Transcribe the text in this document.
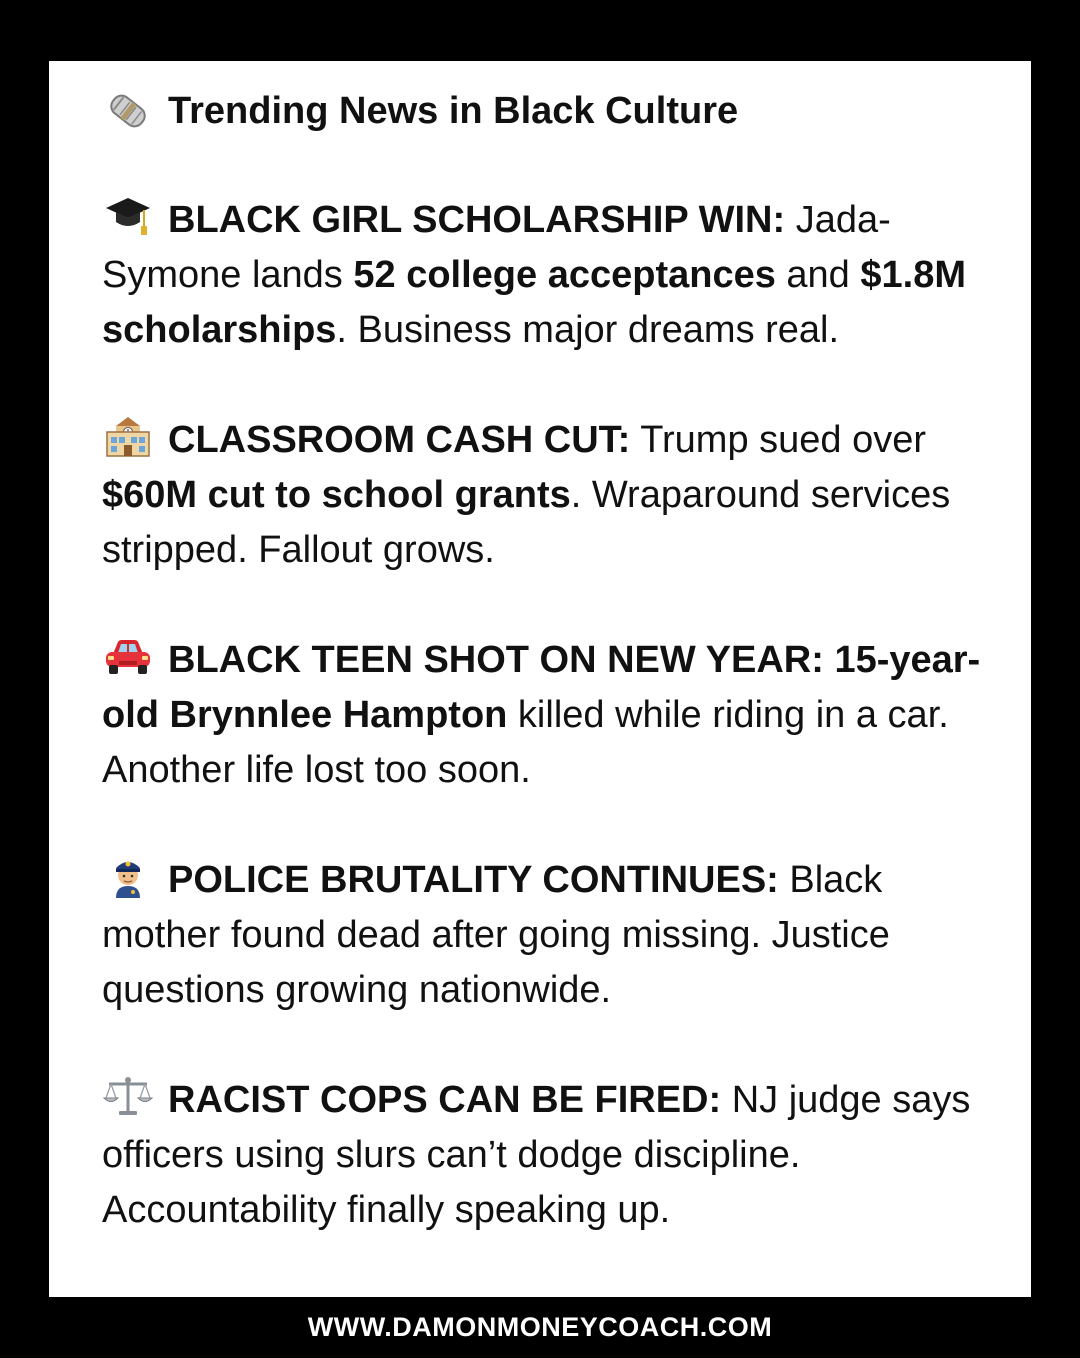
Trending News in Black Culture
BLACK GIRL SCHOLARSHIP WIN: Jada-Symone lands 52 college acceptances and $1.8M scholarships. Business major dreams real.
CLASSROOM CASH CUT: Trump sued over $60M cut to school grants. Wraparound services stripped. Fallout grows.
BLACK TEEN SHOT ON NEW YEAR: 15-year-old Brynnlee Hampton killed while riding in a car. Another life lost too soon.
POLICE BRUTALITY CONTINUES: Black mother found dead after going missing. Justice questions growing nationwide.
RACIST COPS CAN BE FIRED: NJ judge says officers using slurs can’t dodge discipline. Accountability finally speaking up.
WWW.DAMONMONEYCOACH.COM
